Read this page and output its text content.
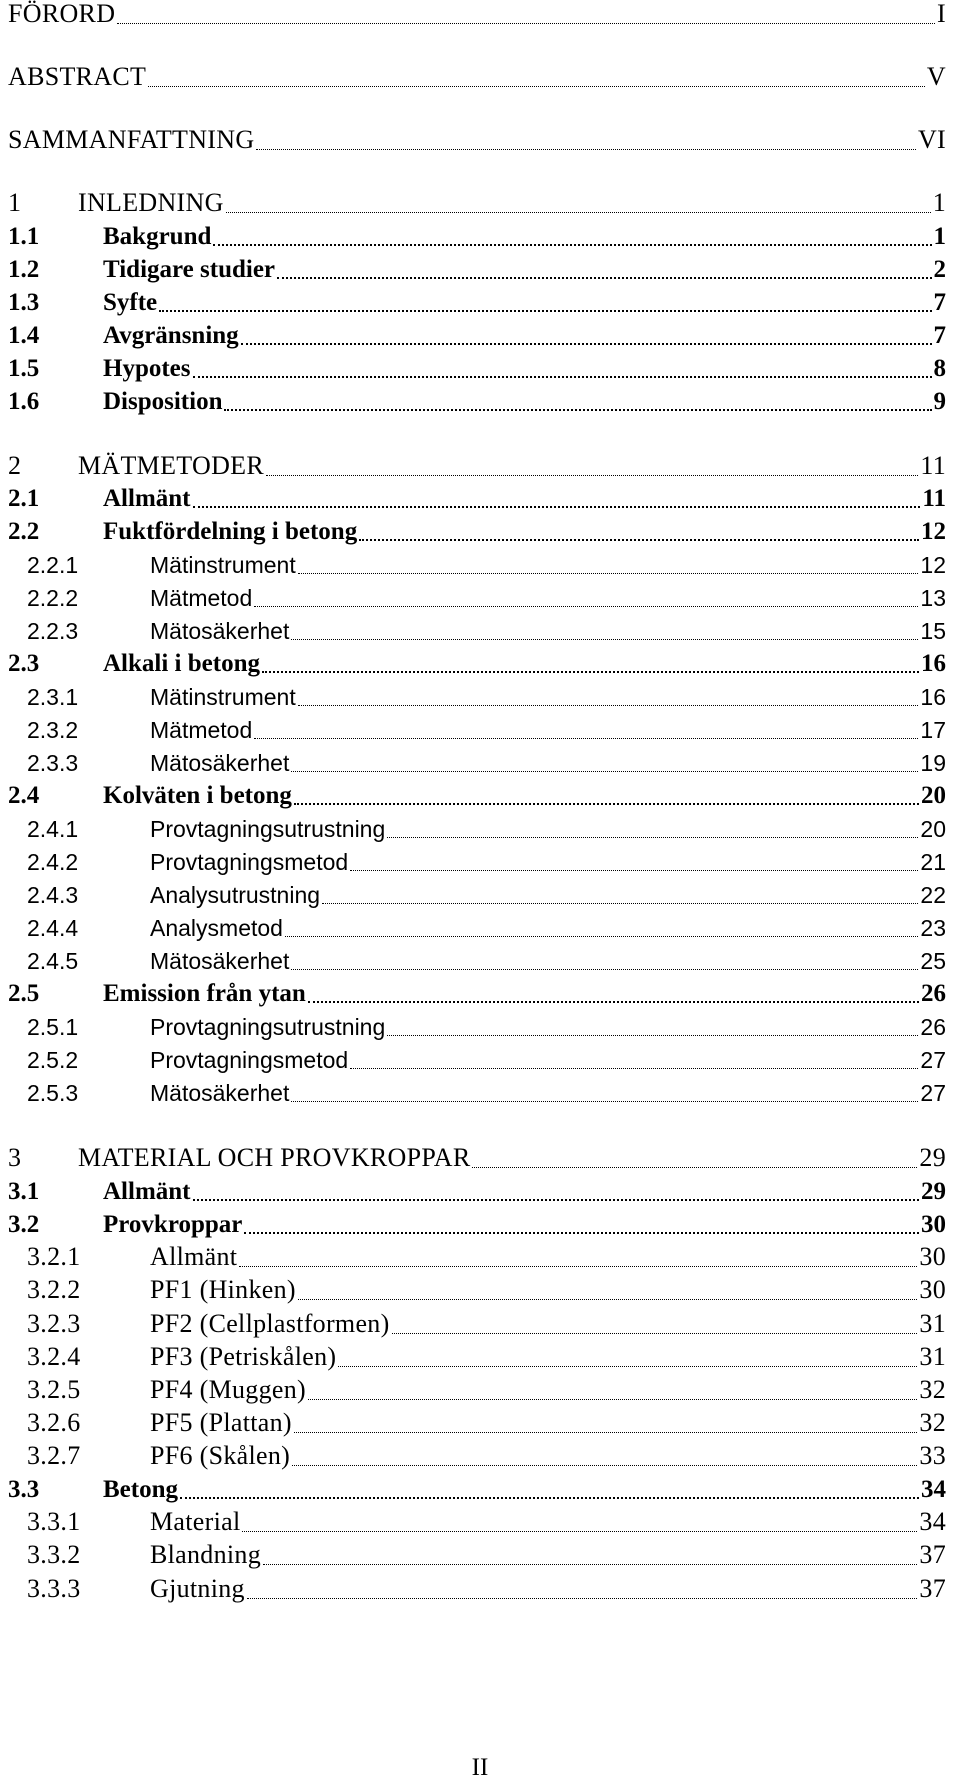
FÖRORD	I
ABSTRACT	V
SAMMANFATTNING	VI
1 INLEDNING	1
1.1	Bakgrund	1
1.2	Tidigare studier	2
1.3	Syfte	7
1.4	Avgränsning	7
1.5	Hypotes	8
1.6	Disposition	9
2 MÄTMETODER	11
2.1	Allmänt	11
2.2	Fuktfördelning i betong	12
2.2.1	Mätinstrument	12
2.2.2	Mätmetod	13
2.2.3	Mätosäkerhet	15
2.3	Alkali i betong	16
2.3.1	Mätinstrument	16
2.3.2	Mätmetod	17
2.3.3	Mätosäkerhet	19
2.4	Kolväten i betong	20
2.4.1	Provtagningsutrustning	20
2.4.2	Provtagningsmetod	21
2.4.3	Analysutrustning	22
2.4.4	Analysmetod	23
2.4.5	Mätosäkerhet	25
2.5	Emission från ytan	26
2.5.1	Provtagningsutrustning	26
2.5.2	Provtagningsmetod	27
2.5.3	Mätosäkerhet	27
3 MATERIAL OCH PROVKROPPAR	29
3.1	Allmänt	29
3.2	Provkroppar	30
3.2.1	Allmänt	30
3.2.2	PF1 (Hinken)	30
3.2.3	PF2 (Cellplastformen)	31
3.2.4	PF3 (Petriskålen)	31
3.2.5	PF4 (Muggen)	32
3.2.6	PF5 (Plattan)	32
3.2.7	PF6 (Skålen)	33
3.3	Betong	34
3.3.1	Material	34
3.3.2	Blandning	37
3.3.3	Gjutning	37
II
